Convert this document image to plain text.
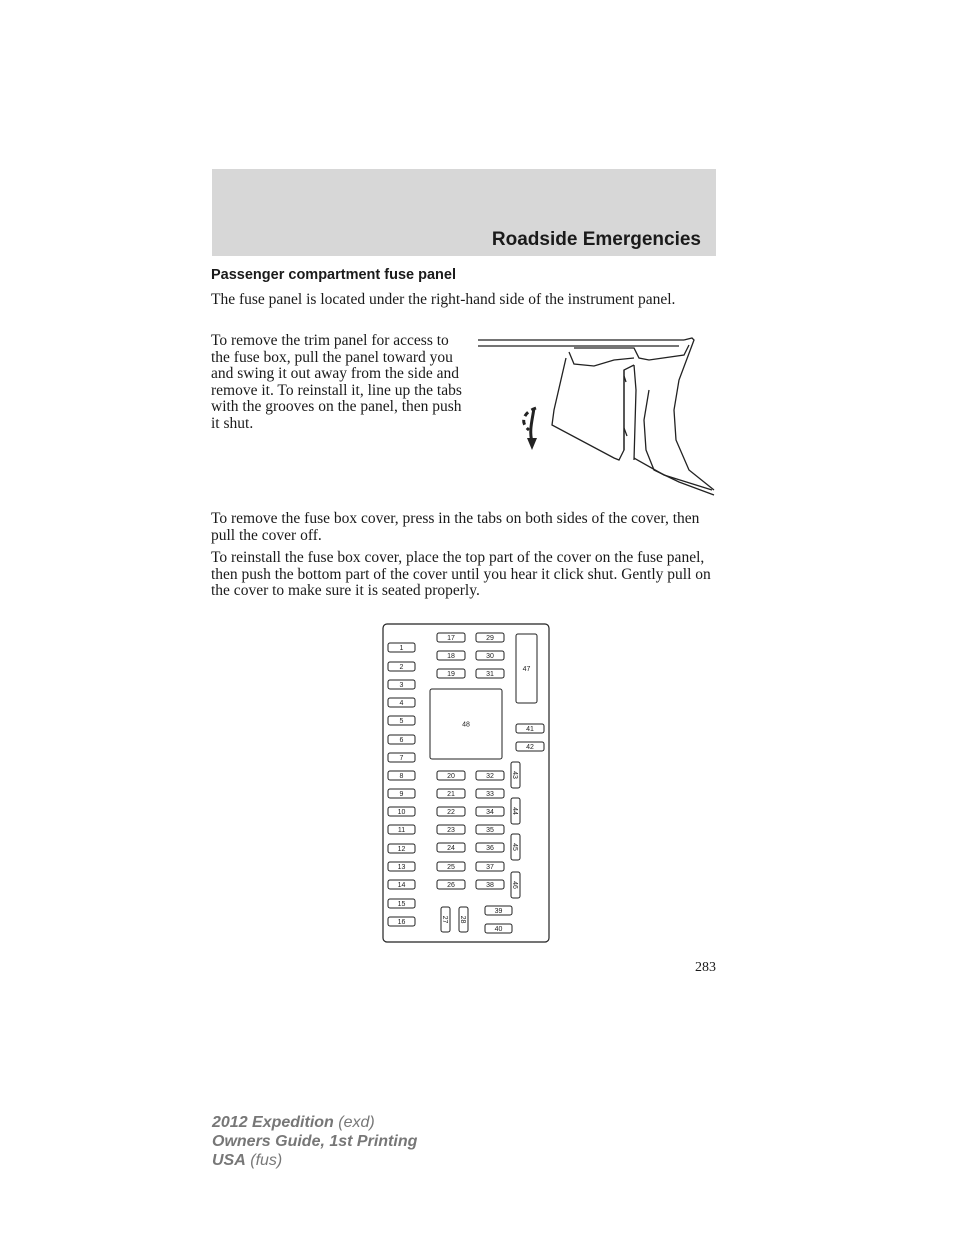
Roadside Emergencies
Passenger compartment fuse panel
The fuse panel is located under the right-hand side of the instrument panel.
To remove the trim panel for access to the fuse box, pull the panel toward you and swing it out away from the side and remove it. To reinstall it, line up the tabs with the grooves on the panel, then push it shut.
To remove the fuse box cover, press in the tabs on both sides of the cover, then pull the cover off.
To reinstall the fuse box cover, place the top part of the cover on the fuse panel, then push the bottom part of the cover until you hear it click shut. Gently pull on the cover to make sure it is seated properly.
1
2
3
4
5
6
7
8
9
10
11
12
13
14
15
16
17	29
18	30
19	31
48
47
41
42
20	32
21	33
22	34
23	35
24	36
25	37
26	38
43
44
45
46
27 28
39
40
283
2012 Expedition (exd)
Owners Guide, 1st Printing
USA (fus)
